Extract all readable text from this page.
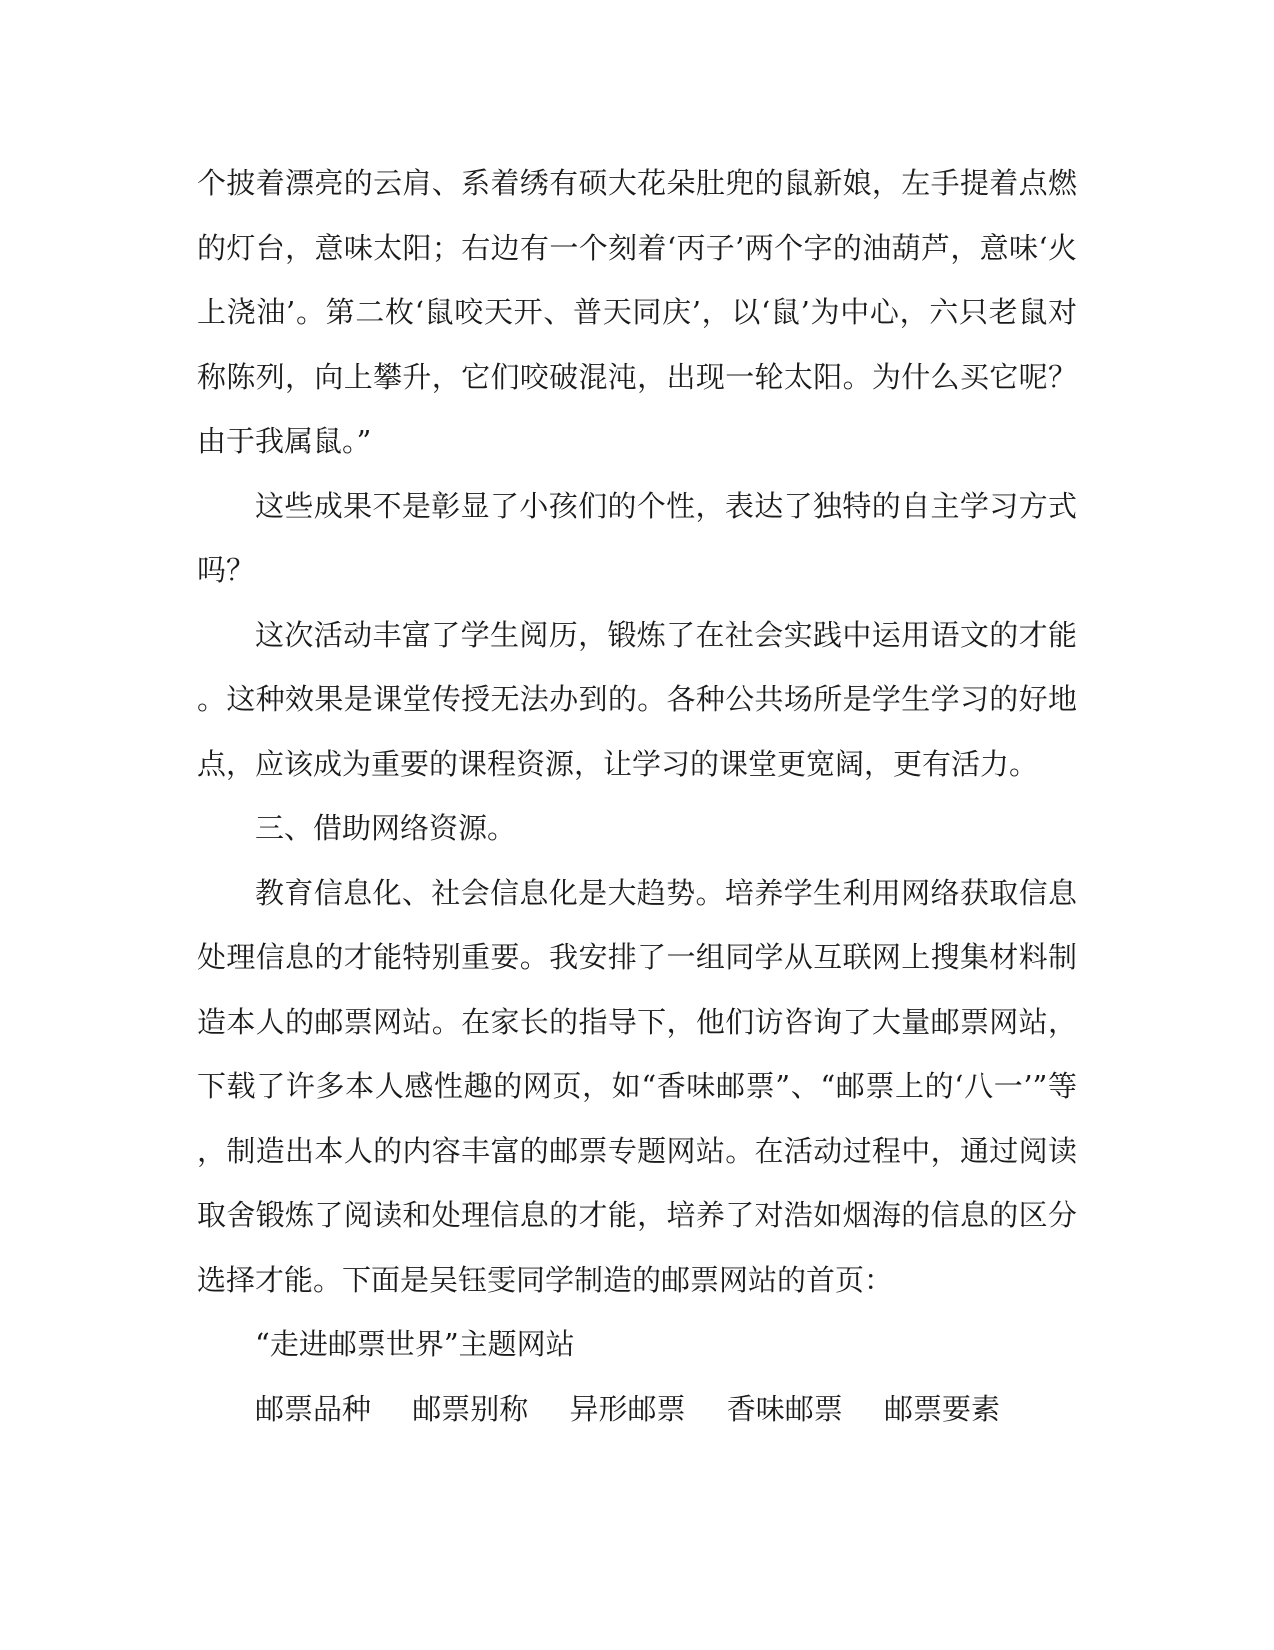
个披着漂亮的云肩、系着绣有硕大花朵肚兜的鼠新娘，左手提着点燃
的灯台，意味太阳；右边有一个刻着‘丙子’两个字的油葫芦，意味‘火
上浇油’。第二枚‘鼠咬天开、普天同庆’，以‘鼠’为中心，六只老鼠对
称陈列，向上攀升，它们咬破混沌，出现一轮太阳。为什么买它呢？
由于我属鼠。”
这些成果不是彰显了小孩们的个性，表达了独特的自主学习方式
吗？
这次活动丰富了学生阅历，锻炼了在社会实践中运用语文的才能
。这种效果是课堂传授无法办到的。各种公共场所是学生学习的好地
点，应该成为重要的课程资源，让学习的课堂更宽阔，更有活力。
三、借助网络资源。
教育信息化、社会信息化是大趋势。培养学生利用网络获取信息
处理信息的才能特别重要。我安排了一组同学从互联网上搜集材料制
造本人的邮票网站。在家长的指导下，他们访咨询了大量邮票网站，
下载了许多本人感性趣的网页，如“香味邮票”、“邮票上的‘八一’”等
，制造出本人的内容丰富的邮票专题网站。在活动过程中，通过阅读
取舍锻炼了阅读和处理信息的才能，培养了对浩如烟海的信息的区分
选择才能。下面是吴钰雯同学制造的邮票网站的首页：
“走进邮票世界”主题网站
邮票品种 邮票别称 异形邮票 香味邮票 邮票要素
